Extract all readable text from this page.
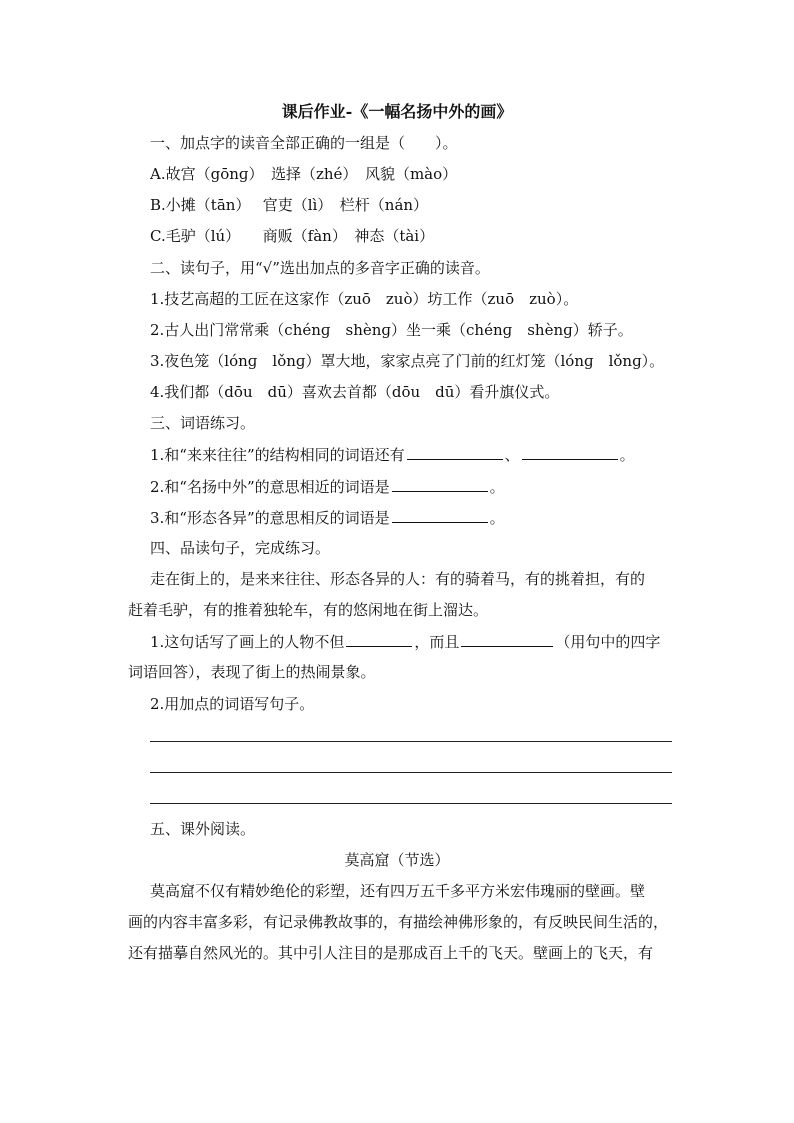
课后作业-《一幅名扬中外的画》
一、加点字的读音全部正确的一组是（　　）。
A.故宫（gōnɡ）　选择（zhé）　风貌（mào）
B.小摊（tān）　 官吏（lì）　栏杆（nán）
C.毛驴（lú）　　商贩（fàn）　神态（tài）
二、读句子，用“√”选出加点的多音字正确的读音。
1.技艺高超的工匠在这家作（zuō　zuò）坊工作（zuō　zuò）。
2.古人出门常常乘（chénɡ　shènɡ）坐一乘（chénɡ　shènɡ）轿子。
3.夜色笼（lónɡ　lǒnɡ）罩大地，家家点亮了门前的红灯笼（lónɡ　lǒnɡ）。
4.我们都（dōu　dū）喜欢去首都（dōu　dū）看升旗仪式。
三、词语练习。
1.和“来来往往”的结构相同的词语还有	、	。
2.和“名扬中外”的意思相近的词语是	。
3.和“形态各异”的意思相反的词语是	。
四、品读句子，完成练习。
走在街上的，是来来往往、形态各异的人：有的骑着马，有的挑着担，有的
赶着毛驴，有的推着独轮车，有的悠闲地在街上溜达。
1.这句话写了画上的人物不但	，而且	（用句中的四字
词语回答），表现了街上的热闹景象。
2.用加点的词语写句子。
五、课外阅读。
莫高窟（节选）
莫高窟不仅有精妙绝伦的彩塑，还有四万五千多平方米宏伟瑰丽的壁画。壁
画的内容丰富多彩，有记录佛教故事的，有描绘神佛形象的，有反映民间生活的，
还有描摹自然风光的。其中引人注目的是那成百上千的飞天。壁画上的飞天，有
